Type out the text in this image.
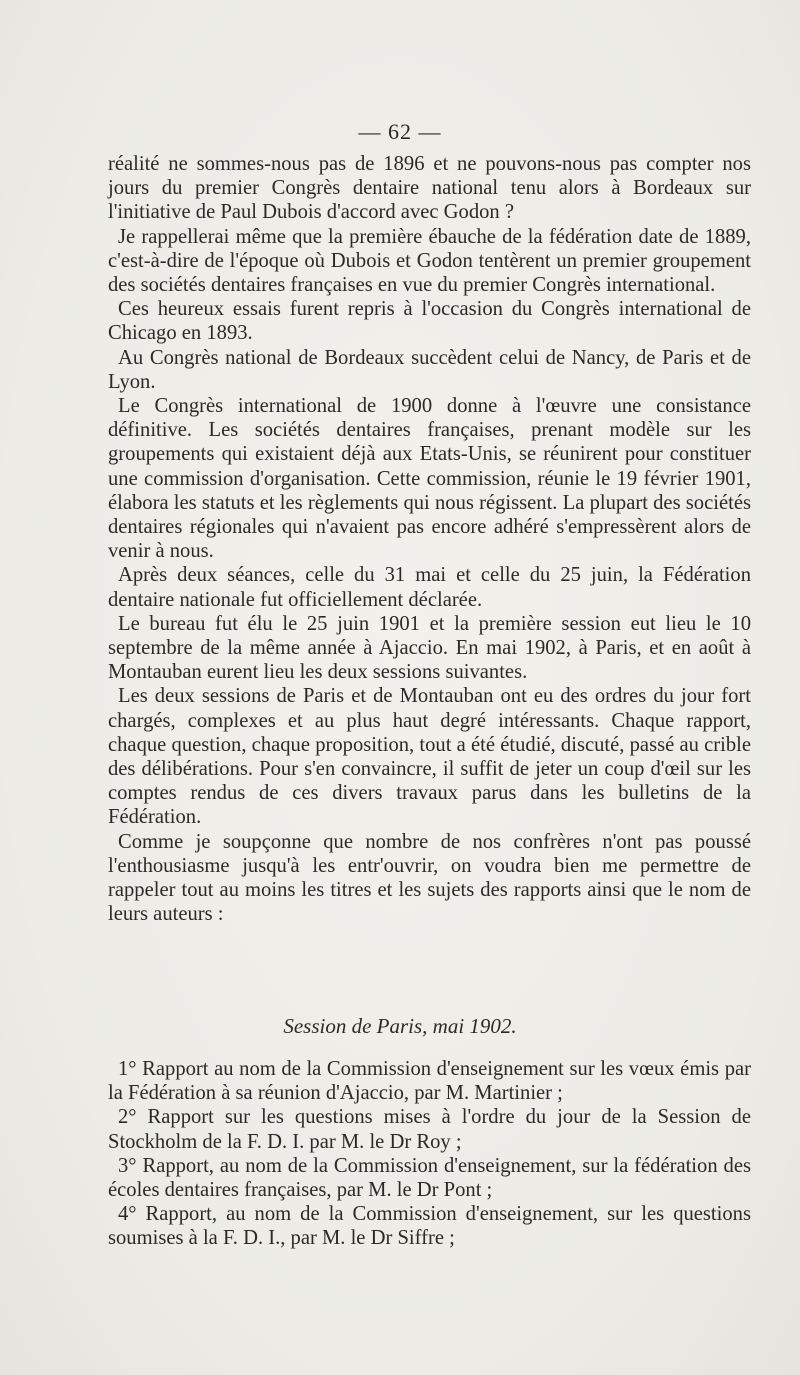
— 62 —

réalité ne sommes-nous pas de 1896 et ne pouvons-nous pas compter nos jours du premier Congrès dentaire national tenu alors à Bordeaux sur l'initiative de Paul Dubois d'accord avec Godon ?

Je rappellerai même que la première ébauche de la fédération date de 1889, c'est-à-dire de l'époque où Dubois et Godon tentèrent un premier groupement des sociétés dentaires françaises en vue du premier Congrès international.

Ces heureux essais furent repris à l'occasion du Congrès international de Chicago en 1893.

Au Congrès national de Bordeaux succèdent celui de Nancy, de Paris et de Lyon.

Le Congrès international de 1900 donne à l'œuvre une consistance définitive. Les sociétés dentaires françaises, prenant modèle sur les groupements qui existaient déjà aux Etats-Unis, se réunirent pour constituer une commission d'organisation. Cette commission, réunie le 19 février 1901, élabora les statuts et les règlements qui nous régissent. La plupart des sociétés dentaires régionales qui n'avaient pas encore adhéré s'empressèrent alors de venir à nous.

Après deux séances, celle du 31 mai et celle du 25 juin, la Fédération dentaire nationale fut officiellement déclarée.

Le bureau fut élu le 25 juin 1901 et la première session eut lieu le 10 septembre de la même année à Ajaccio. En mai 1902, à Paris, et en août à Montauban eurent lieu les deux sessions suivantes.

Les deux sessions de Paris et de Montauban ont eu des ordres du jour fort chargés, complexes et au plus haut degré intéressants. Chaque rapport, chaque question, chaque proposition, tout a été étudié, discuté, passé au crible des délibérations. Pour s'en convaincre, il suffit de jeter un coup d'œil sur les comptes rendus de ces divers travaux parus dans les bulletins de la Fédération.

Comme je soupçonne que nombre de nos confrères n'ont pas poussé l'enthousiasme jusqu'à les entr'ouvrir, on voudra bien me permettre de rappeler tout au moins les titres et les sujets des rapports ainsi que le nom de leurs auteurs :

Session de Paris, mai 1902.

1° Rapport au nom de la Commission d'enseignement sur les vœux émis par la Fédération à sa réunion d'Ajaccio, par M. Martinier ;

2° Rapport sur les questions mises à l'ordre du jour de la Session de Stockholm de la F. D. I. par M. le Dr Roy ;

3° Rapport, au nom de la Commission d'enseignement, sur la fédération des écoles dentaires françaises, par M. le Dr Pont ;

4° Rapport, au nom de la Commission d'enseignement, sur les questions soumises à la F. D. I., par M. le Dr Siffre ;
